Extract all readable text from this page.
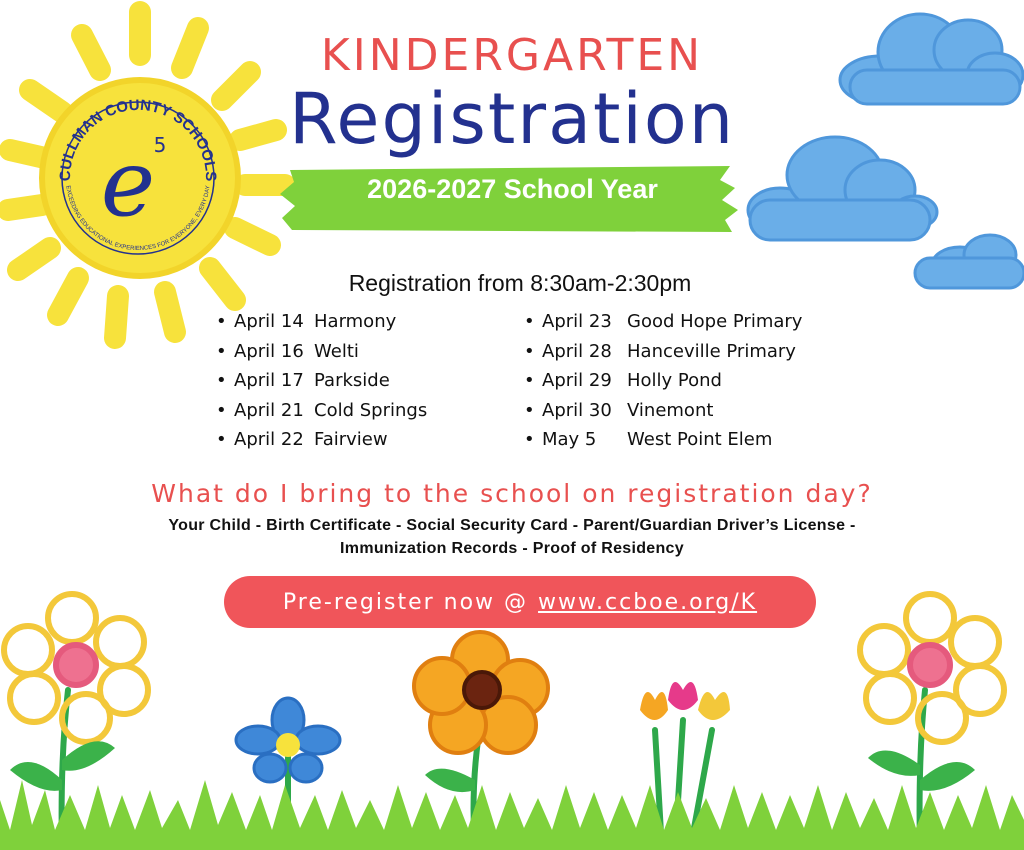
CULLMAN COUNTY SCHOOLS
EXCEEDING EDUCATIONAL EXPERIENCES FOR EVERYONE, EVERY DAY
e
5
KINDERGARTEN
Registration
2026-2027 School Year
Registration from 8:30am-2:30pm
• April 14 Harmony
• April 16 Welti
• April 17 Parkside
• April 21 Cold Springs
• April 22 Fairview
• April 23 Good Hope Primary
• April 28 Hanceville Primary
• April 29 Holly Pond
• April 30 Vinemont
• May 5 West Point Elem
What do I bring to the school on registration day?
Your Child - Birth Certificate - Social Security Card - Parent/Guardian Driver’s License -
Immunization Records - Proof of Residency
Pre-register now @ www.ccboe.org/K
